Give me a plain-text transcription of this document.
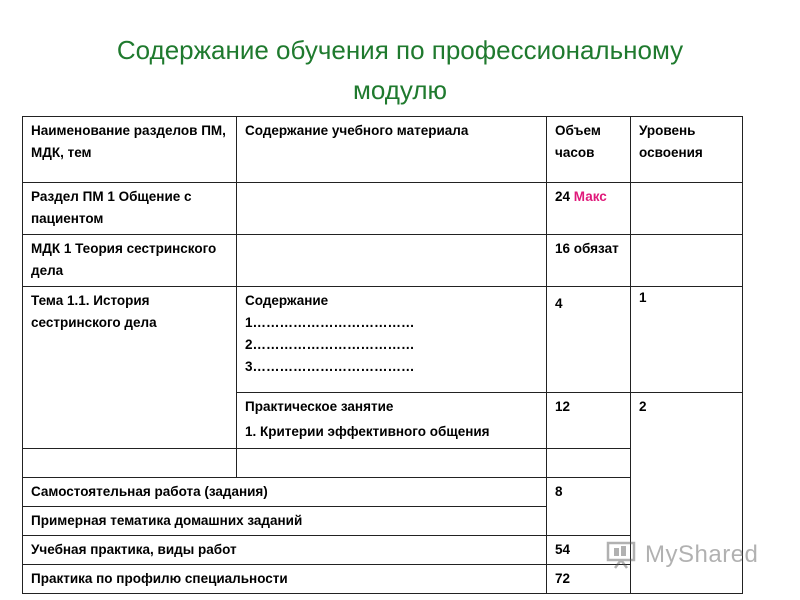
Содержание обучения по профессиональному
модулю
Наименование разделов ПМ, МДК, тем	Содержание учебного материала	Объем часов	Уровень освоения
Раздел ПМ 1 Общение с пациентом		24 Макс	
МДК 1 Теория сестринского дела		16 обязат	
Тема 1.1. История сестринского дела	Содержание
1………………………………
2………………………………
3………………………………	4	1

	Практическое занятие
1. Критерии эффективного общения	12	2

Самостоятельная работа (задания)		8	
Примерная тематика домашних заданий			
Учебная практика, виды работ		54	
Практика по профилю специальности		72	
MyShared
